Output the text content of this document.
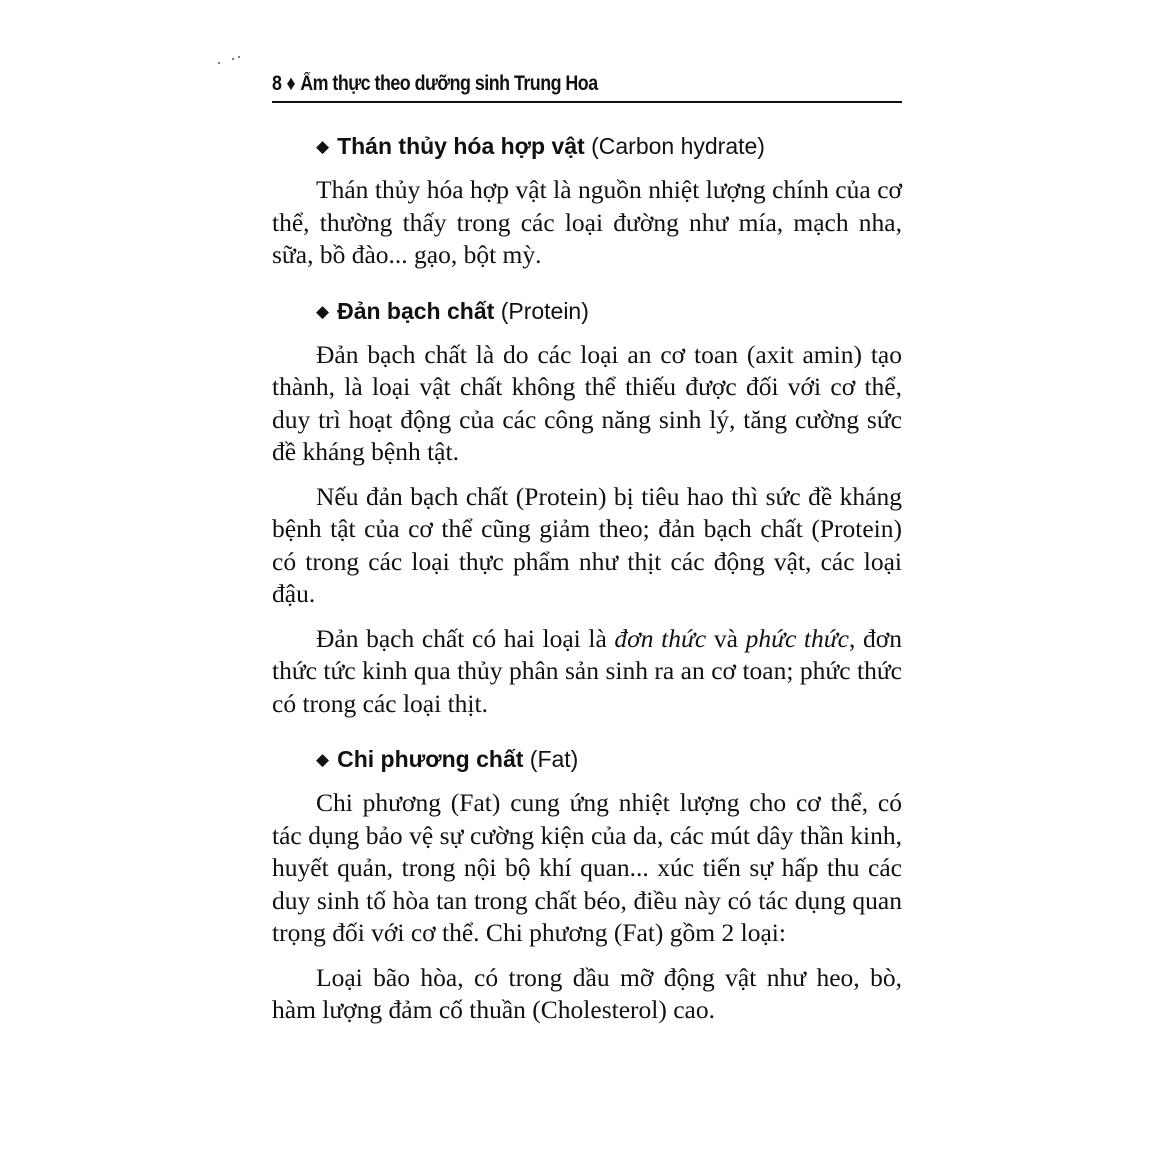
8 ♦ Ẩm thực theo dưỡng sinh Trung Hoa
◆ Thán thủy hóa hợp vật (Carbon hydrate)

Thán thủy hóa hợp vật là nguồn nhiệt lượng chính của cơ thể, thường thấy trong các loại đường như mía, mạch nha, sữa, bồ đào... gạo, bột mỳ.

◆ Đản bạch chất (Protein)

Đản bạch chất là do các loại an cơ toan (axit amin) tạo thành, là loại vật chất không thể thiếu được đối với cơ thể, duy trì hoạt động của các công năng sinh lý, tăng cường sức đề kháng bệnh tật.

Nếu đản bạch chất (Protein) bị tiêu hao thì sức đề kháng bệnh tật của cơ thể cũng giảm theo; đản bạch chất (Protein) có trong các loại thực phẩm như thịt các động vật, các loại đậu.

Đản bạch chất có hai loại là đơn thức và phức thức, đơn thức tức kinh qua thủy phân sản sinh ra an cơ toan; phức thức có trong các loại thịt.

◆ Chi phương chất (Fat)

Chi phương (Fat) cung ứng nhiệt lượng cho cơ thể, có tác dụng bảo vệ sự cường kiện của da, các mút dây thần kinh, huyết quản, trong nội bộ khí quan... xúc tiến sự hấp thu các duy sinh tố hòa tan trong chất béo, điều này có tác dụng quan trọng đối với cơ thể. Chi phương (Fat) gồm 2 loại:

Loại bão hòa, có trong dầu mỡ động vật như heo, bò, hàm lượng đảm cố thuần (Cholesterol) cao.
